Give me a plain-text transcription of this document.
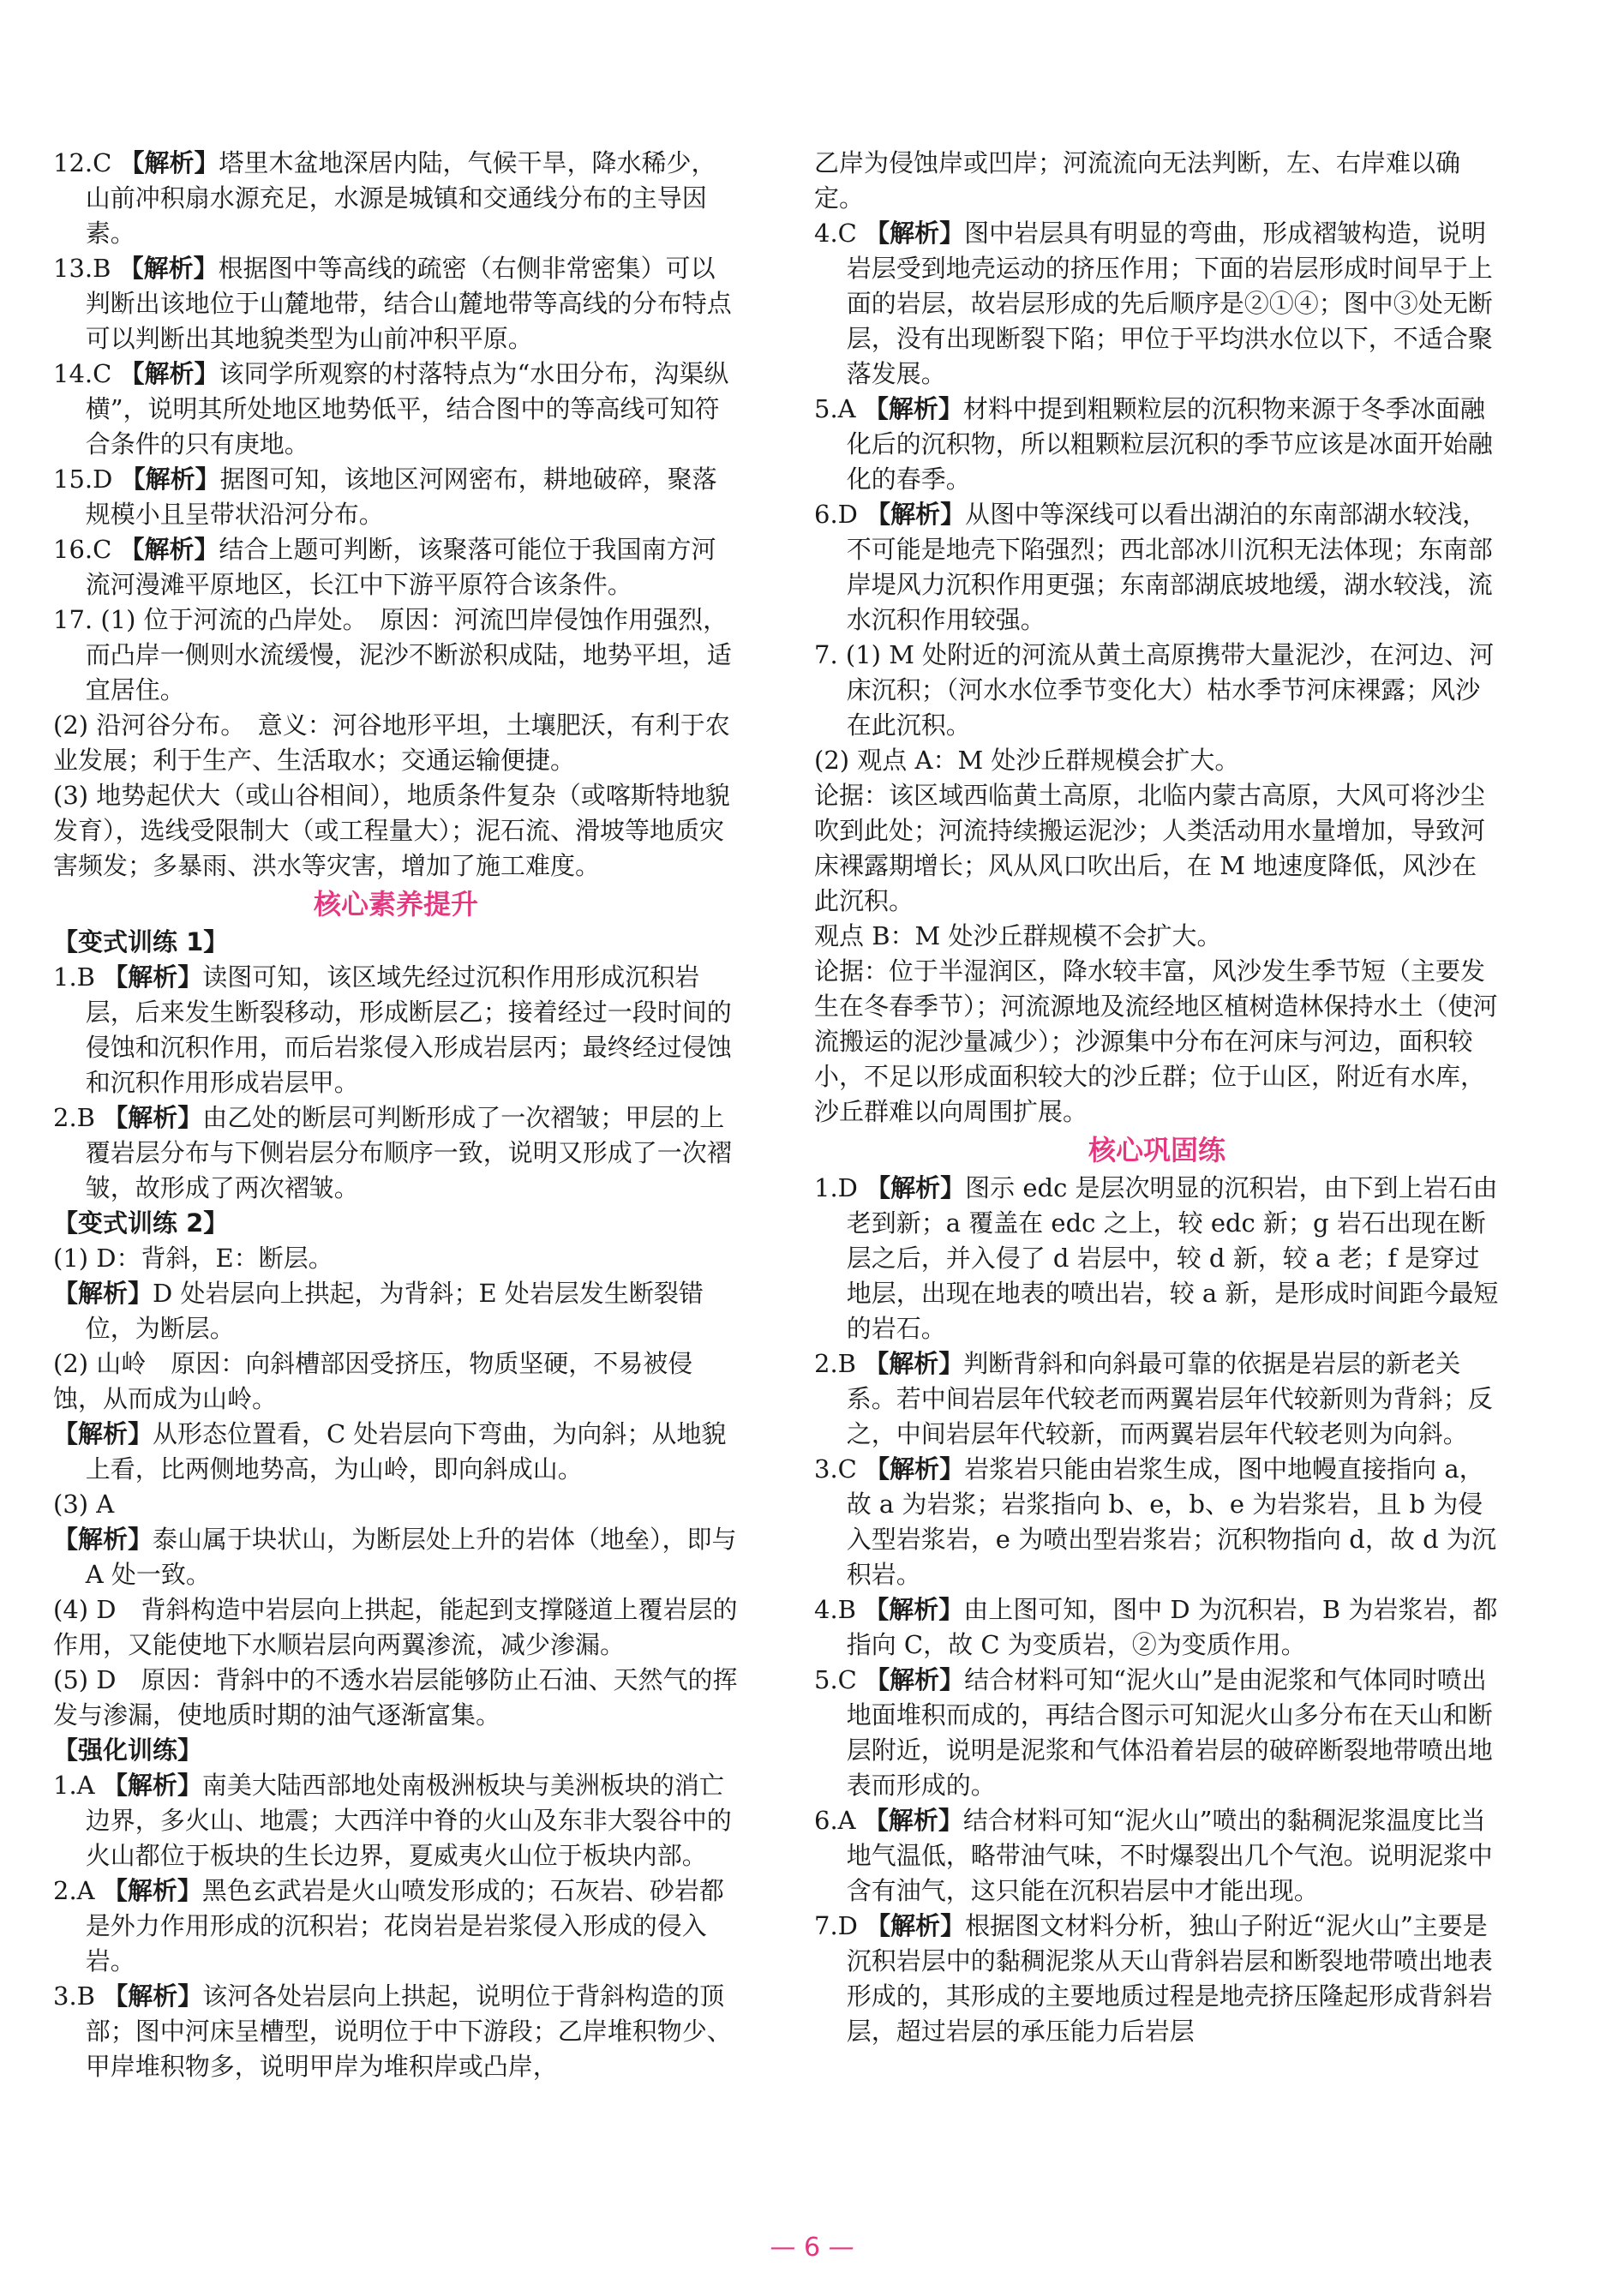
12.C 【解析】塔里木盆地深居内陆，气候干旱，降水稀少，山前冲积扇水源充足，水源是城镇和交通线分布的主导因素。
13.B 【解析】根据图中等高线的疏密（右侧非常密集）可以判断出该地位于山麓地带，结合山麓地带等高线的分布特点可以判断出其地貌类型为山前冲积平原。
14.C 【解析】该同学所观察的村落特点为“水田分布，沟渠纵横”，说明其所处地区地势低平，结合图中的等高线可知符合条件的只有庚地。
15.D 【解析】据图可知，该地区河网密布，耕地破碎，聚落规模小且呈带状沿河分布。
16.C 【解析】结合上题可判断，该聚落可能位于我国南方河流河漫滩平原地区，长江中下游平原符合该条件。
17. (1) 位于河流的凸岸处。　原因：河流凹岸侵蚀作用强烈，而凸岸一侧则水流缓慢，泥沙不断淤积成陆，地势平坦，适宜居住。
(2) 沿河谷分布。　意义：河谷地形平坦，土壤肥沃，有利于农业发展；利于生产、生活取水；交通运输便捷。
(3) 地势起伏大（或山谷相间），地质条件复杂（或喀斯特地貌发育），选线受限制大（或工程量大）；泥石流、滑坡等地质灾害频发；多暴雨、洪水等灾害，增加了施工难度。
核心素养提升
【变式训练 1】
1.B 【解析】读图可知，该区域先经过沉积作用形成沉积岩层，后来发生断裂移动，形成断层乙；接着经过一段时间的侵蚀和沉积作用，而后岩浆侵入形成岩层丙；最终经过侵蚀和沉积作用形成岩层甲。
2.B 【解析】由乙处的断层可判断形成了一次褶皱；甲层的上覆岩层分布与下侧岩层分布顺序一致，说明又形成了一次褶皱，故形成了两次褶皱。
【变式训练 2】
(1) D：背斜，E：断层。
【解析】D 处岩层向上拱起，为背斜；E 处岩层发生断裂错位，为断层。
(2) 山岭　原因：向斜槽部因受挤压，物质坚硬，不易被侵蚀，从而成为山岭。
【解析】从形态位置看，C 处岩层向下弯曲，为向斜；从地貌上看，比两侧地势高，为山岭，即向斜成山。
(3) A
【解析】泰山属于块状山，为断层处上升的岩体（地垒），即与 A 处一致。
(4) D　背斜构造中岩层向上拱起，能起到支撑隧道上覆岩层的作用，又能使地下水顺岩层向两翼渗流，减少渗漏。
(5) D　原因：背斜中的不透水岩层能够防止石油、天然气的挥发与渗漏，使地质时期的油气逐渐富集。
【强化训练】
1.A 【解析】南美大陆西部地处南极洲板块与美洲板块的消亡边界，多火山、地震；大西洋中脊的火山及东非大裂谷中的火山都位于板块的生长边界，夏威夷火山位于板块内部。
2.A 【解析】黑色玄武岩是火山喷发形成的；石灰岩、砂岩都是外力作用形成的沉积岩；花岗岩是岩浆侵入形成的侵入岩。
3.B 【解析】该河各处岩层向上拱起，说明位于背斜构造的顶部；图中河床呈槽型，说明位于中下游段；乙岸堆积物少、甲岸堆积物多，说明甲岸为堆积岸或凸岸，
乙岸为侵蚀岸或凹岸；河流流向无法判断，左、右岸难以确定。
4.C 【解析】图中岩层具有明显的弯曲，形成褶皱构造，说明岩层受到地壳运动的挤压作用；下面的岩层形成时间早于上面的岩层，故岩层形成的先后顺序是②①④；图中③处无断层，没有出现断裂下陷；甲位于平均洪水位以下，不适合聚落发展。
5.A 【解析】材料中提到粗颗粒层的沉积物来源于冬季冰面融化后的沉积物，所以粗颗粒层沉积的季节应该是冰面开始融化的春季。
6.D 【解析】从图中等深线可以看出湖泊的东南部湖水较浅，不可能是地壳下陷强烈；西北部冰川沉积无法体现；东南部岸堤风力沉积作用更强；东南部湖底坡地缓，湖水较浅，流水沉积作用较强。
7. (1) M 处附近的河流从黄土高原携带大量泥沙，在河边、河床沉积；（河水水位季节变化大）枯水季节河床裸露；风沙在此沉积。
(2) 观点 A：M 处沙丘群规模会扩大。
论据：该区域西临黄土高原，北临内蒙古高原，大风可将沙尘吹到此处；河流持续搬运泥沙；人类活动用水量增加，导致河床裸露期增长；风从风口吹出后，在 M 地速度降低，风沙在此沉积。
观点 B：M 处沙丘群规模不会扩大。
论据：位于半湿润区，降水较丰富，风沙发生季节短（主要发生在冬春季节）；河流源地及流经地区植树造林保持水土（使河流搬运的泥沙量减少）；沙源集中分布在河床与河边，面积较小，不足以形成面积较大的沙丘群；位于山区，附近有水库，沙丘群难以向周围扩展。
核心巩固练
1.D 【解析】图示 edc 是层次明显的沉积岩，由下到上岩石由老到新；a 覆盖在 edc 之上，较 edc 新；g 岩石出现在断层之后，并入侵了 d 岩层中，较 d 新，较 a 老；f 是穿过地层，出现在地表的喷出岩，较 a 新，是形成时间距今最短的岩石。
2.B 【解析】判断背斜和向斜最可靠的依据是岩层的新老关系。若中间岩层年代较老而两翼岩层年代较新则为背斜；反之，中间岩层年代较新，而两翼岩层年代较老则为向斜。
3.C 【解析】岩浆岩只能由岩浆生成，图中地幔直接指向 a，故 a 为岩浆；岩浆指向 b、e，b、e 为岩浆岩，且 b 为侵入型岩浆岩，e 为喷出型岩浆岩；沉积物指向 d，故 d 为沉积岩。
4.B 【解析】由上图可知，图中 D 为沉积岩，B 为岩浆岩，都指向 C，故 C 为变质岩，②为变质作用。
5.C 【解析】结合材料可知“泥火山”是由泥浆和气体同时喷出地面堆积而成的，再结合图示可知泥火山多分布在天山和断层附近，说明是泥浆和气体沿着岩层的破碎断裂地带喷出地表而形成的。
6.A 【解析】结合材料可知“泥火山”喷出的黏稠泥浆温度比当地气温低，略带油气味，不时爆裂出几个气泡。说明泥浆中含有油气，这只能在沉积岩层中才能出现。
7.D 【解析】根据图文材料分析，独山子附近“泥火山”主要是沉积岩层中的黏稠泥浆从天山背斜岩层和断裂地带喷出地表形成的，其形成的主要地质过程是地壳挤压隆起形成背斜岩层，超过岩层的承压能力后岩层
— 6 —
